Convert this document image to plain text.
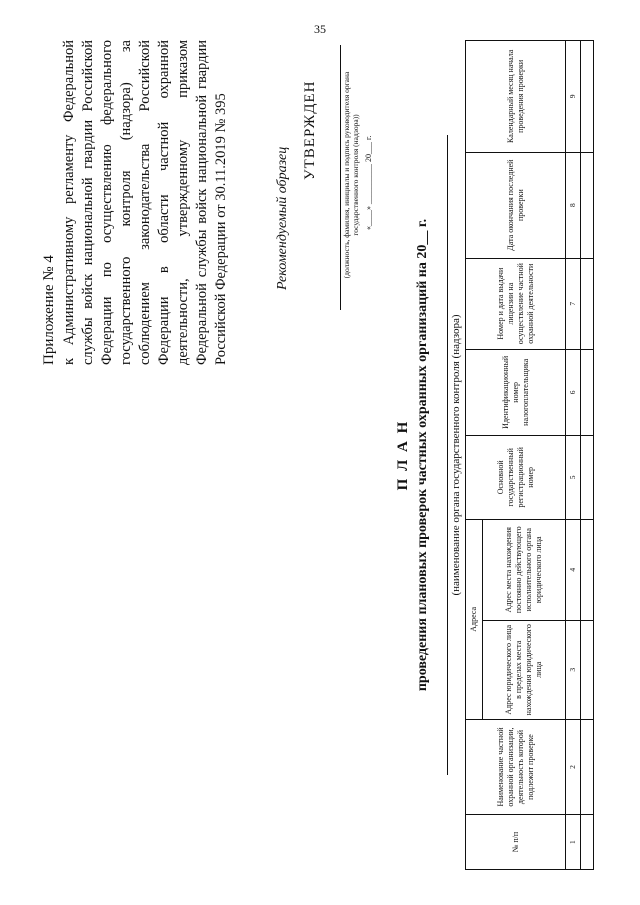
35
Приложение № 4 к Административному регламенту Федеральной службы войск национальной гвардии Российской Федерации по осуществлению федерального государственного контроля (надзора) за соблюдением законодательства Российской Федерации в области частной охранной деятельности, утвержденному приказом Федеральной службы войск национальной гвардии Российской Федерации от 30.11.2019 № 395	Рекомендуемый образец
УТВЕРЖДЕН	(должность, фамилия, инициалы и подпись руководителя органа государственного контроля (надзора)) «____» __________ 20___ г.
П Л А Н проведения плановых проверок частных охранных организаций на 20__ г. (наименование органа государственного контроля (надзора)
№ п/п	Наименование частной охранной организации, деятельность которой подлежит проверке	Адреса		Основной государственный регистрационный номер	Идентификационный номер налогоплательщика	Номер и дата выдачи лицензии на осуществление частной охранной деятельности	Дата окончания последней проверки	Календарный месяц начала проведения проверки
		Адрес юридического лица в пределах места нахождения юридического лица	Адрес места нахождения постоянно действующего исполнительного органа юридического лица					
1	2	3	4	5	6	7	8	9
